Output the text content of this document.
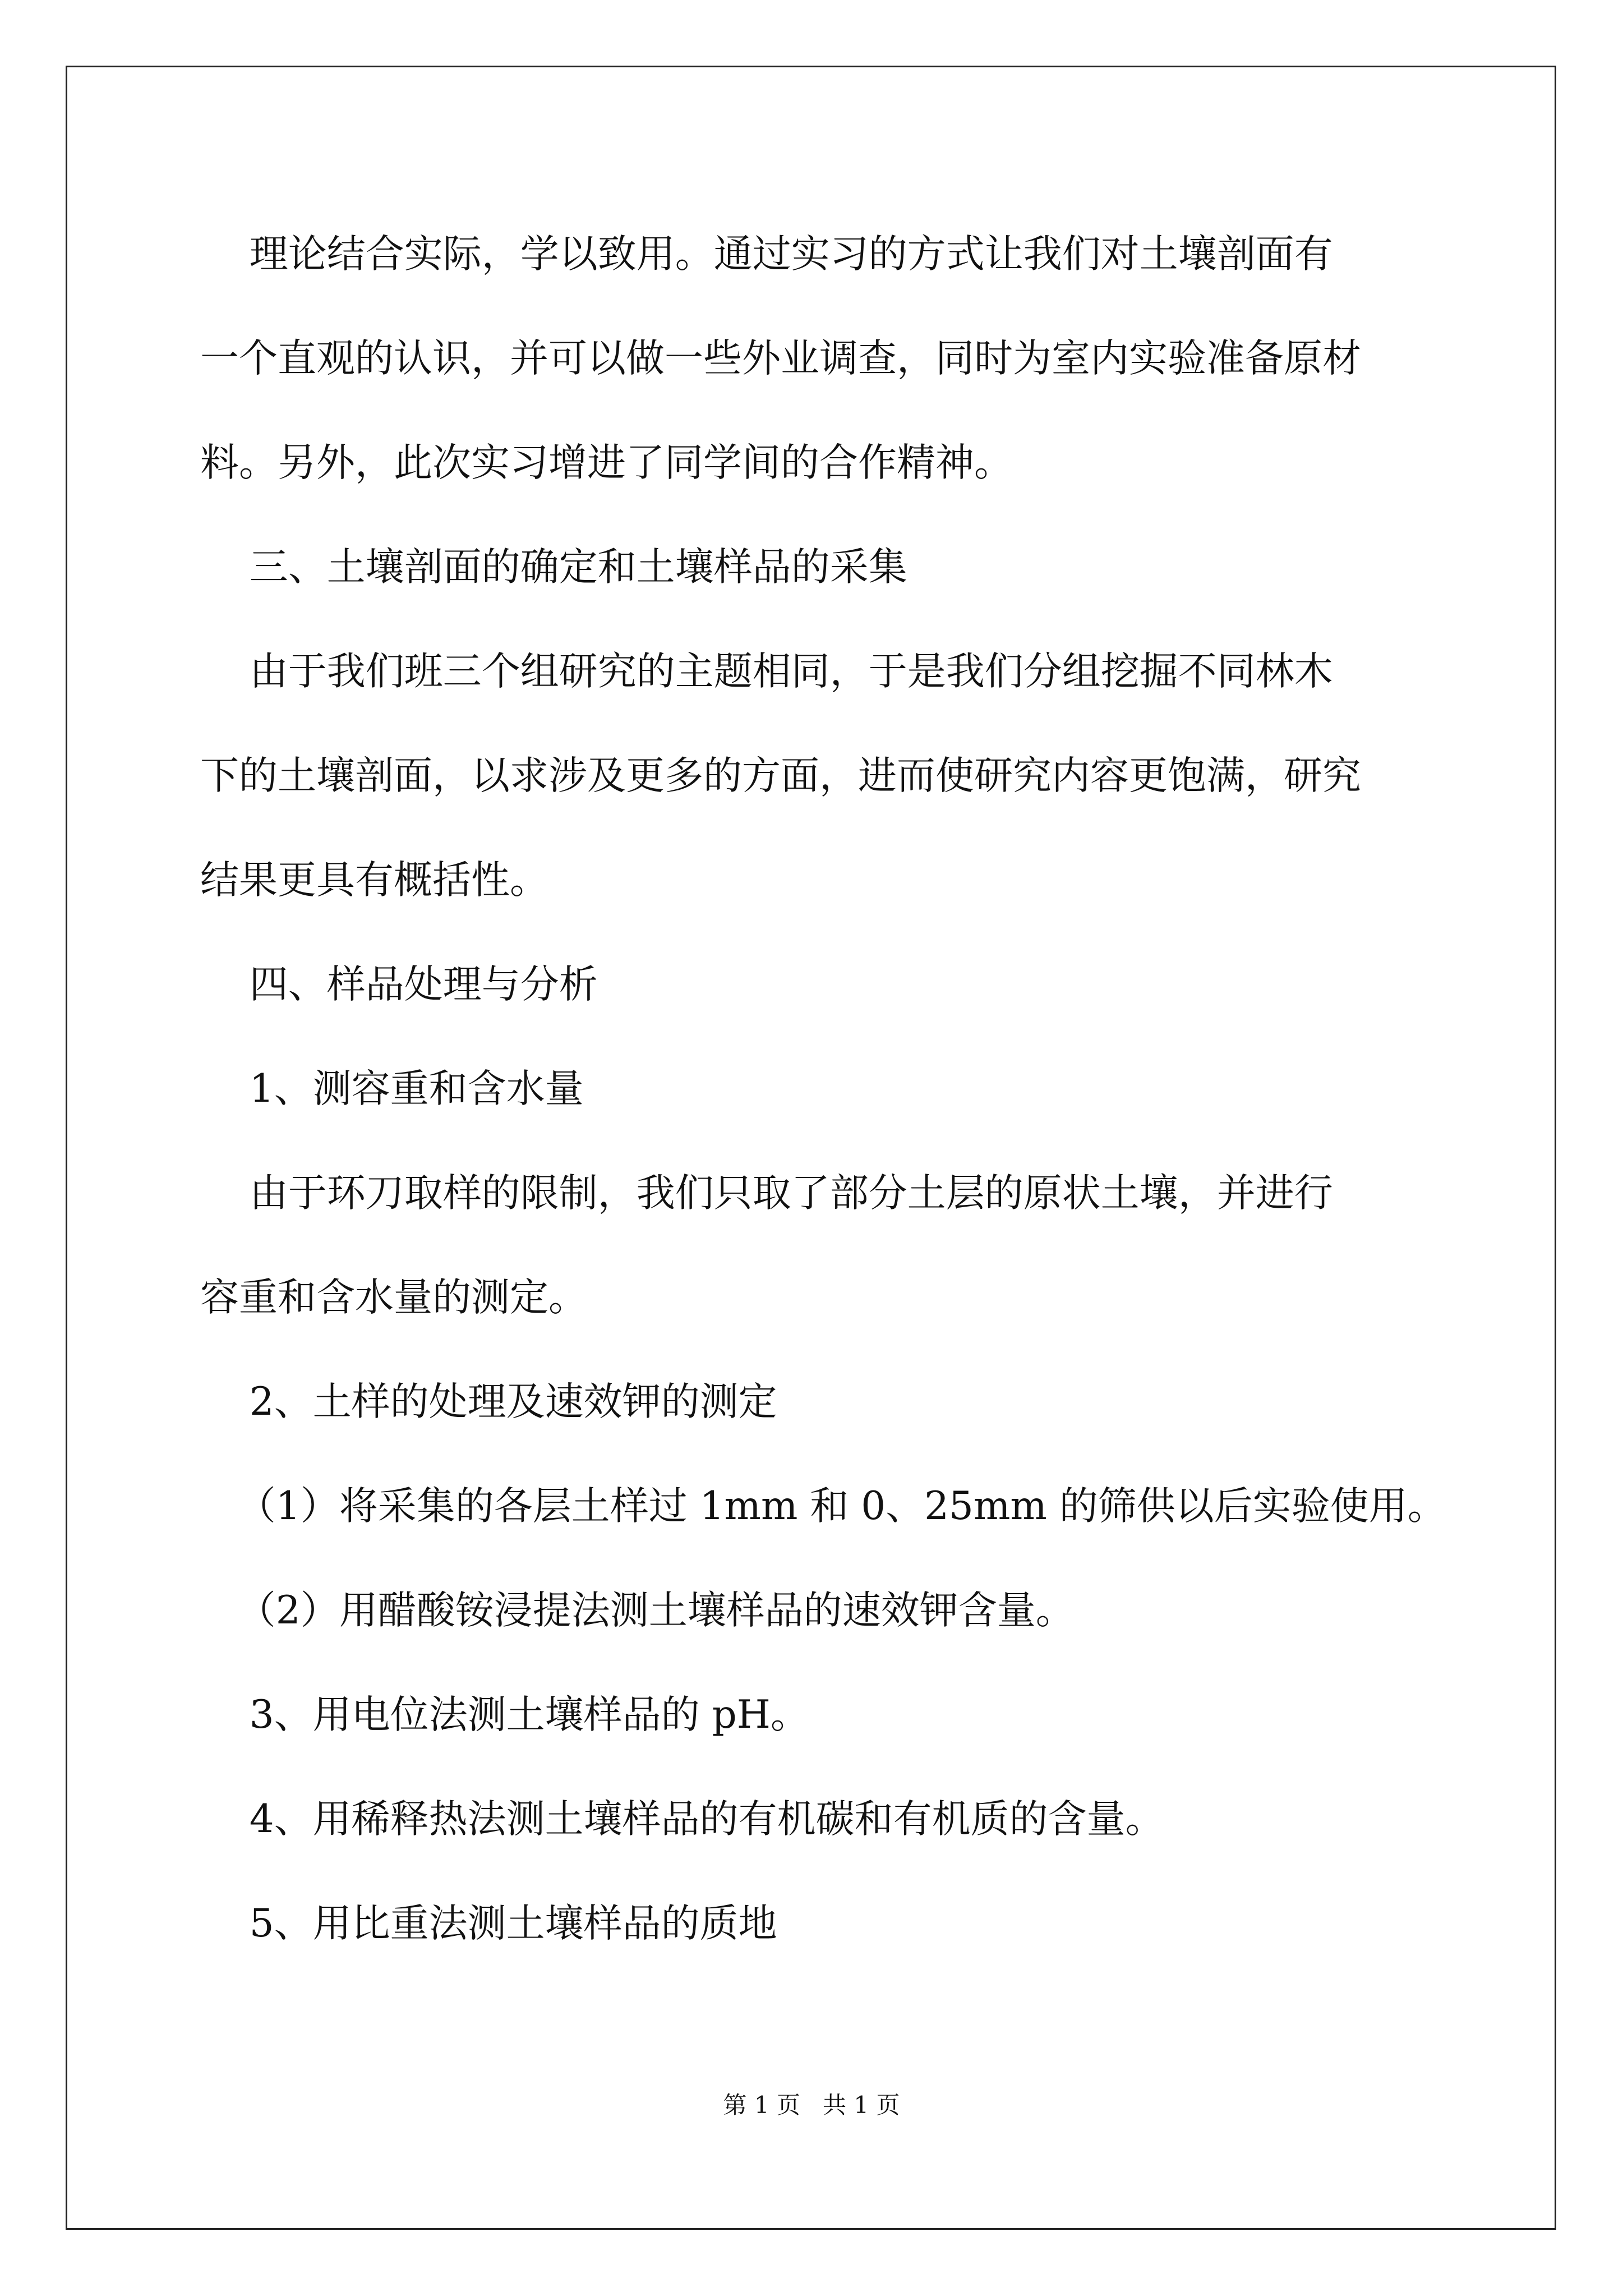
理论结合实际，学以致用。通过实习的方式让我们对土壤剖面有
一个直观的认识，并可以做一些外业调查，同时为室内实验准备原材
料。另外，此次实习增进了同学间的合作精神。
三、土壤剖面的确定和土壤样品的采集
由于我们班三个组研究的主题相同，于是我们分组挖掘不同林木
下的土壤剖面，以求涉及更多的方面，进而使研究内容更饱满，研究
结果更具有概括性。
四、样品处理与分析
1、测容重和含水量
由于环刀取样的限制，我们只取了部分土层的原状土壤，并进行
容重和含水量的测定。
2、土样的处理及速效钾的测定
（1）将采集的各层土样过 1mm 和 0、25mm 的筛供以后实验使用。
（2）用醋酸铵浸提法测土壤样品的速效钾含量。
3、用电位法测土壤样品的 pH。
4、用稀释热法测土壤样品的有机碳和有机质的含量。
5、用比重法测土壤样品的质地
第 1 页   共 1 页
